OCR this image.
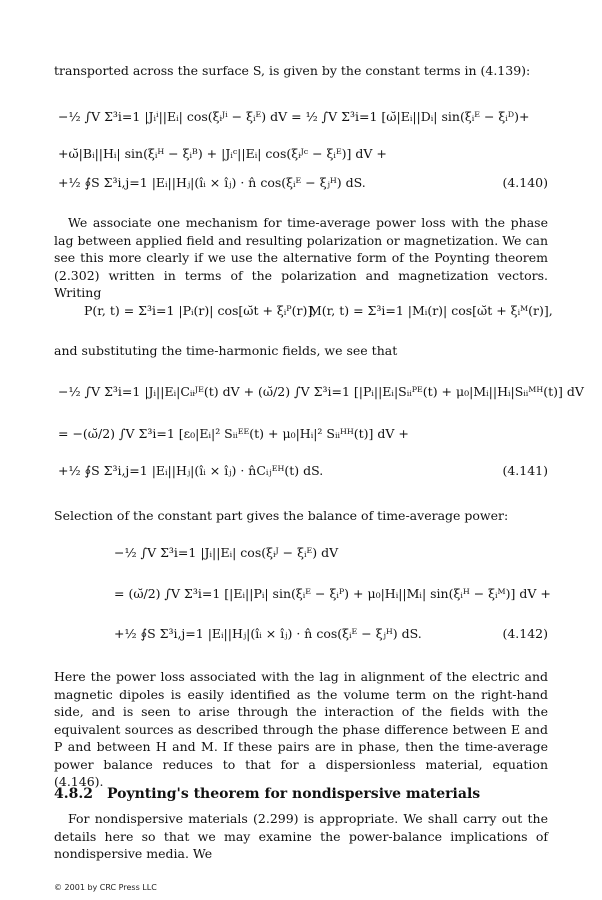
transported across the surface S, is given by the constant terms in (4.139):

−½ ∫V Σ³i=1 |Jᵢⁱ||Eᵢ| cos(ξᵢᴶⁱ − ξᵢᴱ) dV = ½ ∫V Σ³i=1 [ω̆|Eᵢ||Dᵢ| sin(ξᵢᴱ − ξᵢᴰ)+
+ω̆|Bᵢ||Hᵢ| sin(ξᵢᴴ − ξᵢᴮ) + |Jᵢᶜ||Eᵢ| cos(ξᵢᴶᶜ − ξᵢᴱ)] dV +
+½ ∮S Σ³i,j=1 |Eᵢ||Hⱼ|(îᵢ × îⱼ) · n̂ cos(ξᵢᴱ − ξⱼᴴ) dS.	(4.140)

We associate one mechanism for time-average power loss with the phase lag between applied field and resulting polarization or magnetization. We can see this more clearly if we use the alternative form of the Poynting theorem (2.302) written in terms of the polarization and magnetization vectors. Writing

P(r, t) = Σ³i=1 |Pᵢ(r)| cos[ω̆t + ξᵢᴾ(r)],
M(r, t) = Σ³i=1 |Mᵢ(r)| cos[ω̆t + ξᵢᴹ(r)],

and substituting the time-harmonic fields, we see that

−½ ∫V Σ³i=1 |Jᵢ||Eᵢ|Cᵢᵢᴶᴱ(t) dV + (ω̆/2) ∫V Σ³i=1 [|Pᵢ||Eᵢ|Sᵢᵢᴾᴱ(t) + μ₀|Mᵢ||Hᵢ|Sᵢᵢᴹᴴ(t)] dV
= −(ω̆/2) ∫V Σ³i=1 [ε₀|Eᵢ|² Sᵢᵢᴱᴱ(t) + μ₀|Hᵢ|² Sᵢᵢᴴᴴ(t)] dV +
+½ ∮S Σ³i,j=1 |Eᵢ||Hⱼ|(îᵢ × îⱼ) · n̂Cᵢⱼᴱᴴ(t) dS.	(4.141)

Selection of the constant part gives the balance of time-average power:

−½ ∫V Σ³i=1 |Jᵢ||Eᵢ| cos(ξᵢᴶ − ξᵢᴱ) dV
= (ω̆/2) ∫V Σ³i=1 [|Eᵢ||Pᵢ| sin(ξᵢᴱ − ξᵢᴾ) + μ₀|Hᵢ||Mᵢ| sin(ξᵢᴴ − ξᵢᴹ)] dV +
+½ ∮S Σ³i,j=1 |Eᵢ||Hⱼ|(îᵢ × îⱼ) · n̂ cos(ξᵢᴱ − ξⱼᴴ) dS.	(4.142)

Here the power loss associated with the lag in alignment of the electric and magnetic dipoles is easily identified as the volume term on the right-hand side, and is seen to arise through the interaction of the fields with the equivalent sources as described through the phase difference between E and P and between H and M. If these pairs are in phase, then the time-average power balance reduces to that for a dispersionless material, equation (4.146).

4.8.2 Poynting's theorem for nondispersive materials

For nondispersive materials (2.299) is appropriate. We shall carry out the details here so that we may examine the power-balance implications of nondispersive media. We

© 2001 by CRC Press LLC
